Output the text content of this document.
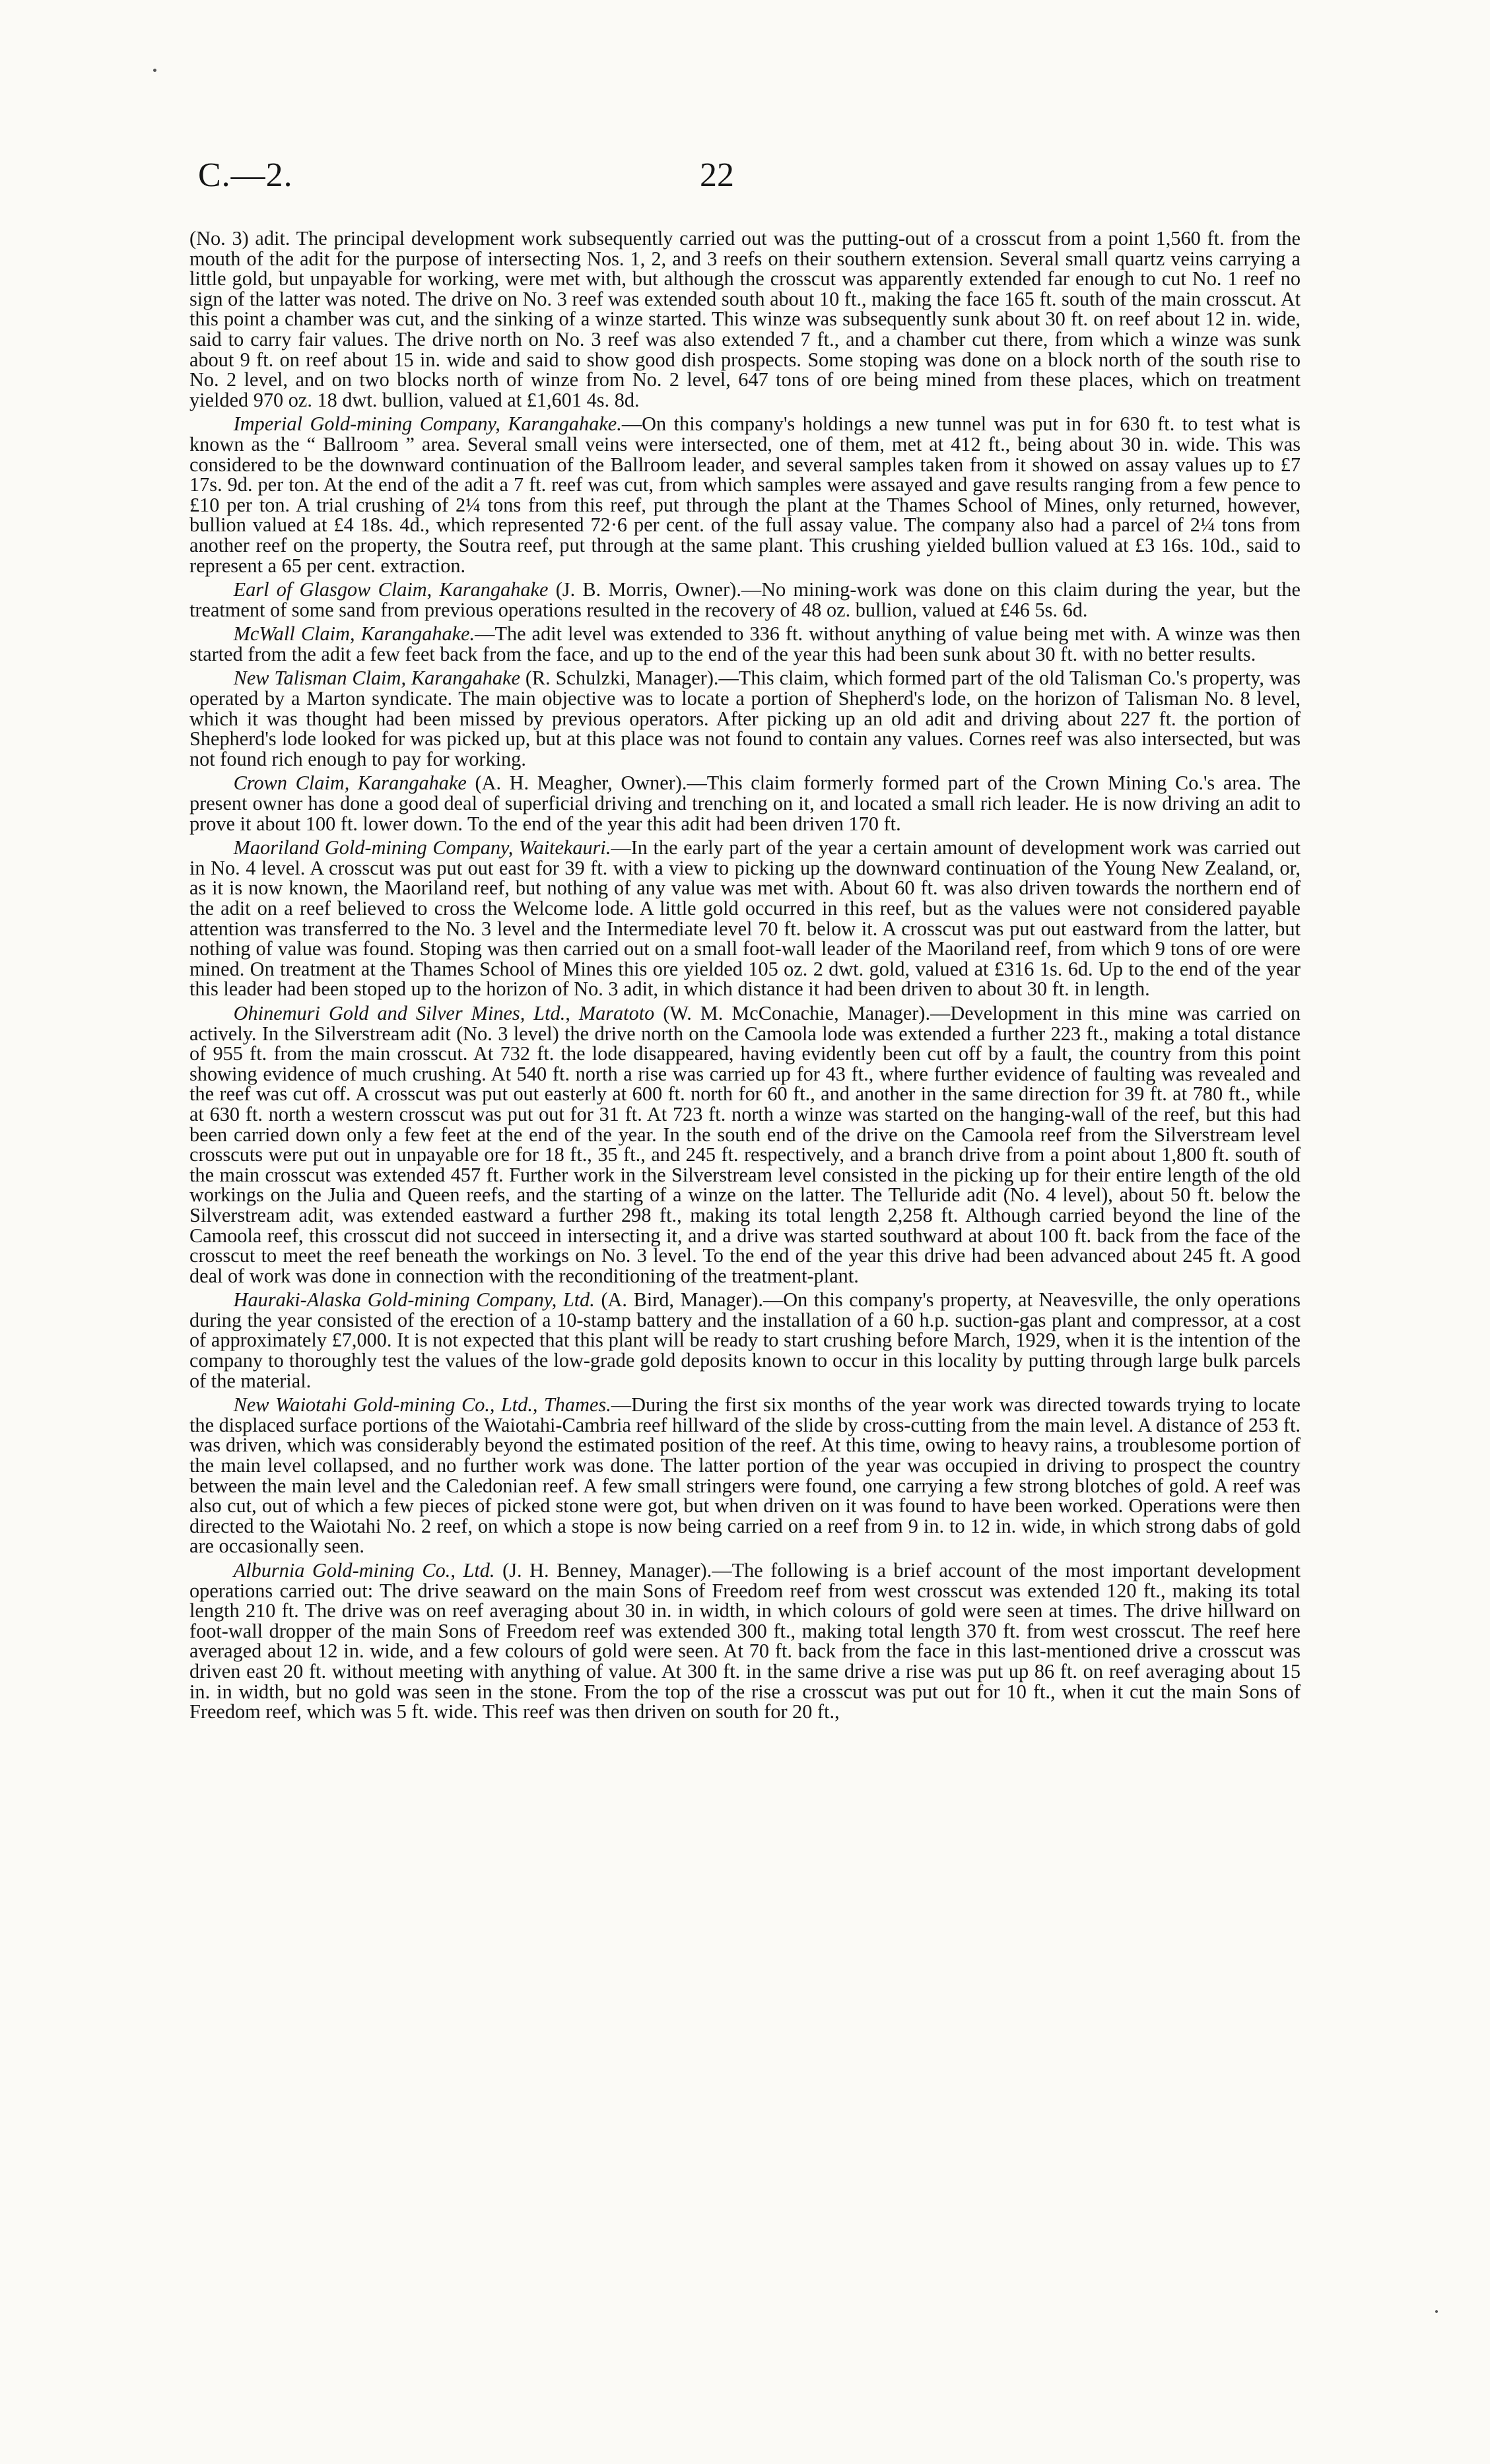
C.—2.	22

(No. 3) adit. The principal development work subsequently carried out was the putting-out of a crosscut from a point 1,560 ft. from the mouth of the adit for the purpose of intersecting Nos. 1, 2, and 3 reefs on their southern extension. Several small quartz veins carrying a little gold, but unpayable for working, were met with, but although the crosscut was apparently extended far enough to cut No. 1 reef no sign of the latter was noted. The drive on No. 3 reef was extended south about 10 ft., making the face 165 ft. south of the main crosscut. At this point a chamber was cut, and the sinking of a winze started. This winze was subsequently sunk about 30 ft. on reef about 12 in. wide, said to carry fair values. The drive north on No. 3 reef was also extended 7 ft., and a chamber cut there, from which a winze was sunk about 9 ft. on reef about 15 in. wide and said to show good dish prospects. Some stoping was done on a block north of the south rise to No. 2 level, and on two blocks north of winze from No. 2 level, 647 tons of ore being mined from these places, which on treatment yielded 970 oz. 18 dwt. bullion, valued at £1,601 4s. 8d.

Imperial Gold-mining Company, Karangahake.—On this company's holdings a new tunnel was put in for 630 ft. to test what is known as the “ Ballroom ” area. Several small veins were intersected, one of them, met at 412 ft., being about 30 in. wide. This was considered to be the downward continuation of the Ballroom leader, and several samples taken from it showed on assay values up to £7 17s. 9d. per ton. At the end of the adit a 7 ft. reef was cut, from which samples were assayed and gave results ranging from a few pence to £10 per ton. A trial crushing of 2¼ tons from this reef, put through the plant at the Thames School of Mines, only returned, however, bullion valued at £4 18s. 4d., which represented 72·6 per cent. of the full assay value. The company also had a parcel of 2¼ tons from another reef on the property, the Soutra reef, put through at the same plant. This crushing yielded bullion valued at £3 16s. 10d., said to represent a 65 per cent. extraction.

Earl of Glasgow Claim, Karangahake (J. B. Morris, Owner).—No mining-work was done on this claim during the year, but the treatment of some sand from previous operations resulted in the recovery of 48 oz. bullion, valued at £46 5s. 6d.

McWall Claim, Karangahake.—The adit level was extended to 336 ft. without anything of value being met with. A winze was then started from the adit a few feet back from the face, and up to the end of the year this had been sunk about 30 ft. with no better results.

New Talisman Claim, Karangahake (R. Schulzki, Manager).—This claim, which formed part of the old Talisman Co.'s property, was operated by a Marton syndicate. The main objective was to locate a portion of Shepherd's lode, on the horizon of Talisman No. 8 level, which it was thought had been missed by previous operators. After picking up an old adit and driving about 227 ft. the portion of Shepherd's lode looked for was picked up, but at this place was not found to contain any values. Cornes reef was also intersected, but was not found rich enough to pay for working.

Crown Claim, Karangahake (A. H. Meagher, Owner).—This claim formerly formed part of the Crown Mining Co.'s area. The present owner has done a good deal of superficial driving and trenching on it, and located a small rich leader. He is now driving an adit to prove it about 100 ft. lower down. To the end of the year this adit had been driven 170 ft.

Maoriland Gold-mining Company, Waitekauri.—In the early part of the year a certain amount of development work was carried out in No. 4 level. A crosscut was put out east for 39 ft. with a view to picking up the downward continuation of the Young New Zealand, or, as it is now known, the Maoriland reef, but nothing of any value was met with. About 60 ft. was also driven towards the northern end of the adit on a reef believed to cross the Welcome lode. A little gold occurred in this reef, but as the values were not considered payable attention was transferred to the No. 3 level and the Intermediate level 70 ft. below it. A crosscut was put out eastward from the latter, but nothing of value was found. Stoping was then carried out on a small foot-wall leader of the Maoriland reef, from which 9 tons of ore were mined. On treatment at the Thames School of Mines this ore yielded 105 oz. 2 dwt. gold, valued at £316 1s. 6d. Up to the end of the year this leader had been stoped up to the horizon of No. 3 adit, in which distance it had been driven to about 30 ft. in length.

Ohinemuri Gold and Silver Mines, Ltd., Maratoto (W. M. McConachie, Manager).—Development in this mine was carried on actively. In the Silverstream adit (No. 3 level) the drive north on the Camoola lode was extended a further 223 ft., making a total distance of 955 ft. from the main crosscut. At 732 ft. the lode disappeared, having evidently been cut off by a fault, the country from this point showing evidence of much crushing. At 540 ft. north a rise was carried up for 43 ft., where further evidence of faulting was revealed and the reef was cut off. A crosscut was put out easterly at 600 ft. north for 60 ft., and another in the same direction for 39 ft. at 780 ft., while at 630 ft. north a western crosscut was put out for 31 ft. At 723 ft. north a winze was started on the hanging-wall of the reef, but this had been carried down only a few feet at the end of the year. In the south end of the drive on the Camoola reef from the Silverstream level crosscuts were put out in unpayable ore for 18 ft., 35 ft., and 245 ft. respectively, and a branch drive from a point about 1,800 ft. south of the main crosscut was extended 457 ft. Further work in the Silverstream level consisted in the picking up for their entire length of the old workings on the Julia and Queen reefs, and the starting of a winze on the latter. The Telluride adit (No. 4 level), about 50 ft. below the Silverstream adit, was extended eastward a further 298 ft., making its total length 2,258 ft. Although carried beyond the line of the Camoola reef, this crosscut did not succeed in intersecting it, and a drive was started southward at about 100 ft. back from the face of the crosscut to meet the reef beneath the workings on No. 3 level. To the end of the year this drive had been advanced about 245 ft. A good deal of work was done in connection with the reconditioning of the treatment-plant.

Hauraki-Alaska Gold-mining Company, Ltd. (A. Bird, Manager).—On this company's property, at Neavesville, the only operations during the year consisted of the erection of a 10-stamp battery and the installation of a 60 h.p. suction-gas plant and compressor, at a cost of approximately £7,000. It is not expected that this plant will be ready to start crushing before March, 1929, when it is the intention of the company to thoroughly test the values of the low-grade gold deposits known to occur in this locality by putting through large bulk parcels of the material.

New Waiotahi Gold-mining Co., Ltd., Thames.—During the first six months of the year work was directed towards trying to locate the displaced surface portions of the Waiotahi-Cambria reef hillward of the slide by cross-cutting from the main level. A distance of 253 ft. was driven, which was considerably beyond the estimated position of the reef. At this time, owing to heavy rains, a troublesome portion of the main level collapsed, and no further work was done. The latter portion of the year was occupied in driving to prospect the country between the main level and the Caledonian reef. A few small stringers were found, one carrying a few strong blotches of gold. A reef was also cut, out of which a few pieces of picked stone were got, but when driven on it was found to have been worked. Operations were then directed to the Waiotahi No. 2 reef, on which a stope is now being carried on a reef from 9 in. to 12 in. wide, in which strong dabs of gold are occasionally seen.

Alburnia Gold-mining Co., Ltd. (J. H. Benney, Manager).—The following is a brief account of the most important development operations carried out: The drive seaward on the main Sons of Freedom reef from west crosscut was extended 120 ft., making its total length 210 ft. The drive was on reef averaging about 30 in. in width, in which colours of gold were seen at times. The drive hillward on foot-wall dropper of the main Sons of Freedom reef was extended 300 ft., making total length 370 ft. from west crosscut. The reef here averaged about 12 in. wide, and a few colours of gold were seen. At 70 ft. back from the face in this last-mentioned drive a crosscut was driven east 20 ft. without meeting with anything of value. At 300 ft. in the same drive a rise was put up 86 ft. on reef averaging about 15 in. in width, but no gold was seen in the stone. From the top of the rise a crosscut was put out for 10 ft., when it cut the main Sons of Freedom reef, which was 5 ft. wide. This reef was then driven on south for 20 ft.,
